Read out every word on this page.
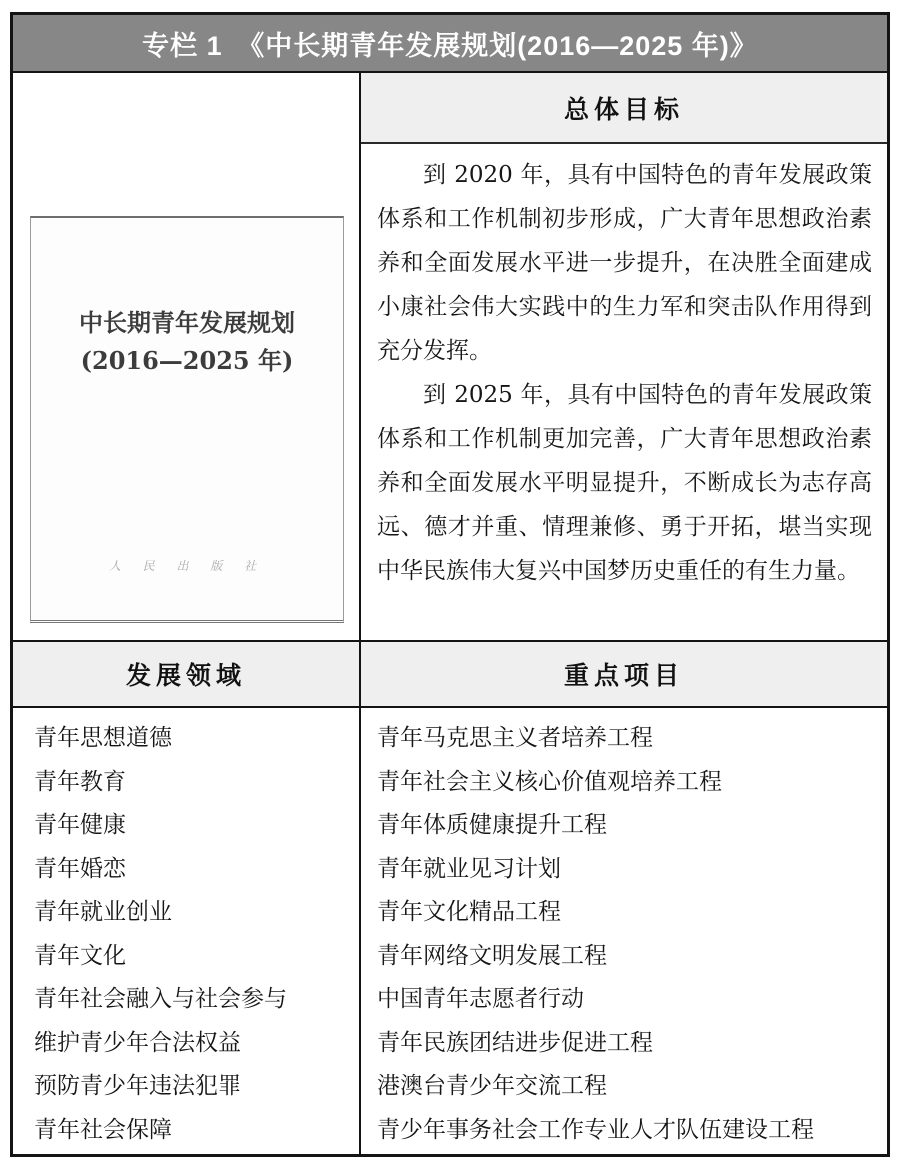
专栏 1　《中长期青年发展规划(2016—2025 年)》
中长期青年发展规划
(2016—2025 年)
人 民 出 版 社
总体目标

到 2020 年，具有中国特色的青年发展政策体系和工作机制初步形成，广大青年思想政治素养和全面发展水平进一步提升，在决胜全面建成小康社会伟大实践中的生力军和突击队作用得到充分发挥。

到 2025 年，具有中国特色的青年发展政策体系和工作机制更加完善，广大青年思想政治素养和全面发展水平明显提升，不断成长为志存高远、德才并重、情理兼修、勇于开拓，堪当实现中华民族伟大复兴中国梦历史重任的有生力量。

发展领域	重点项目
青年思想道德
青年教育
青年健康
青年婚恋
青年就业创业
青年文化
青年社会融入与社会参与
维护青少年合法权益
预防青少年违法犯罪
青年社会保障
青年马克思主义者培养工程
青年社会主义核心价值观培养工程
青年体质健康提升工程
青年就业见习计划
青年文化精品工程
青年网络文明发展工程
中国青年志愿者行动
青年民族团结进步促进工程
港澳台青少年交流工程
青少年事务社会工作专业人才队伍建设工程
